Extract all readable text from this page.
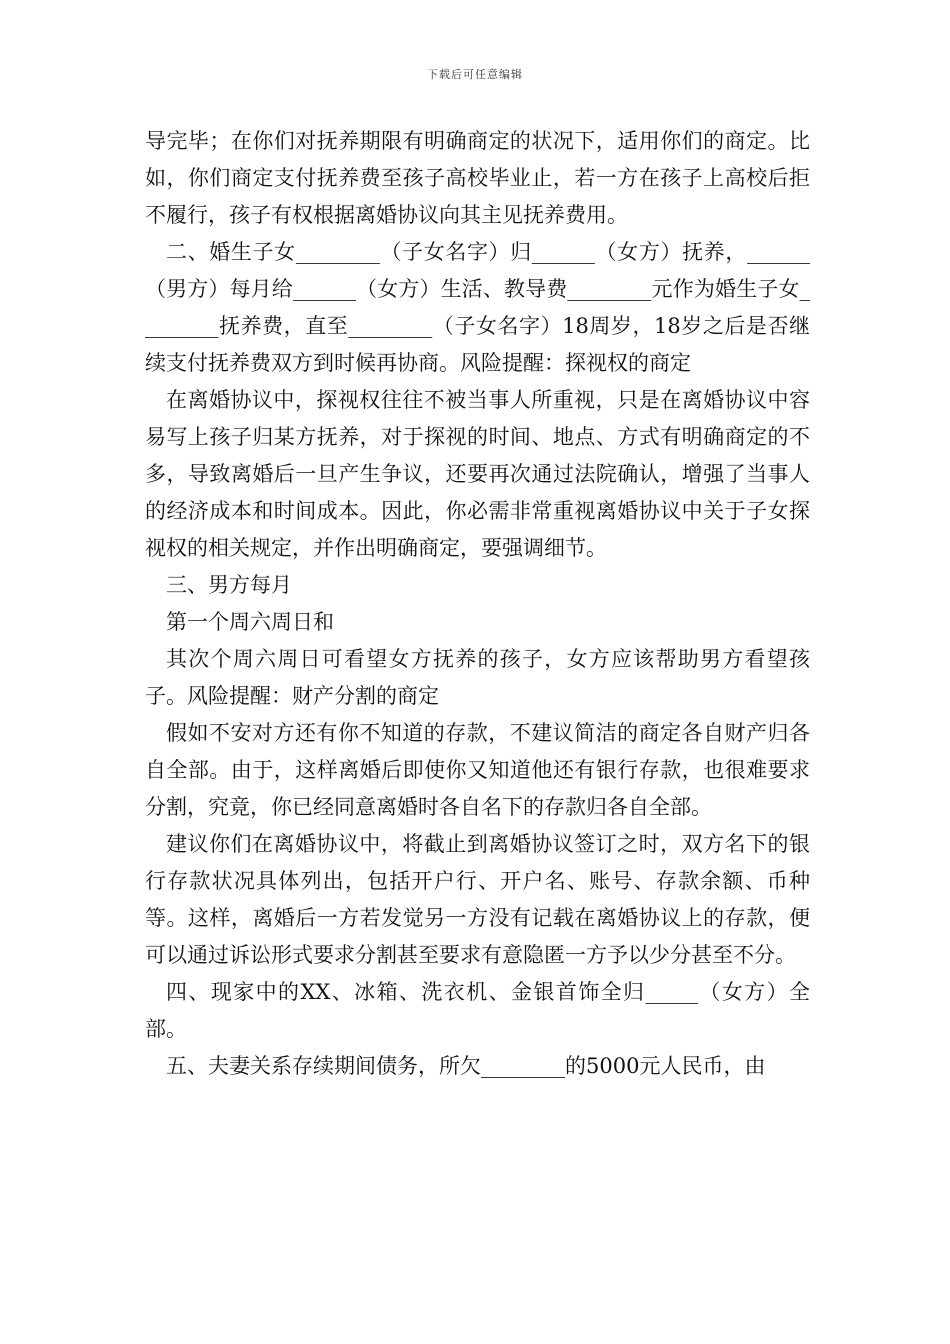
下载后可任意编辑

导完毕；在你们对抚养期限有明确商定的状况下，适用你们的商定。比如，你们商定支付抚养费至孩子高校毕业止，若一方在孩子上高校后拒不履行，孩子有权根据离婚协议向其主见抚养费用。

二、婚生子女________（子女名字）归______（女方）抚养，______（男方）每月给______（女方）生活、教导费________元作为婚生子女________抚养费，直至________（子女名字）18周岁，18岁之后是否继续支付抚养费双方到时候再协商。风险提醒：探视权的商定

在离婚协议中，探视权往往不被当事人所重视，只是在离婚协议中容易写上孩子归某方抚养，对于探视的时间、地点、方式有明确商定的不多，导致离婚后一旦产生争议，还要再次通过法院确认，增强了当事人的经济成本和时间成本。因此，你必需非常重视离婚协议中关于子女探视权的相关规定，并作出明确商定，要强调细节。

三、男方每月

第一个周六周日和

其次个周六周日可看望女方抚养的孩子，女方应该帮助男方看望孩子。风险提醒：财产分割的商定

假如不安对方还有你不知道的存款，不建议简洁的商定各自财产归各自全部。由于，这样离婚后即使你又知道他还有银行存款，也很难要求分割，究竟，你已经同意离婚时各自名下的存款归各自全部。

建议你们在离婚协议中，将截止到离婚协议签订之时，双方名下的银行存款状况具体列出，包括开户行、开户名、账号、存款余额、币种等。这样，离婚后一方若发觉另一方没有记载在离婚协议上的存款，便可以通过诉讼形式要求分割甚至要求有意隐匿一方予以少分甚至不分。

四、现家中的XX、冰箱、洗衣机、金银首饰全归_____（女方）全部。

五、夫妻关系存续期间债务，所欠________的5000元人民币，由
